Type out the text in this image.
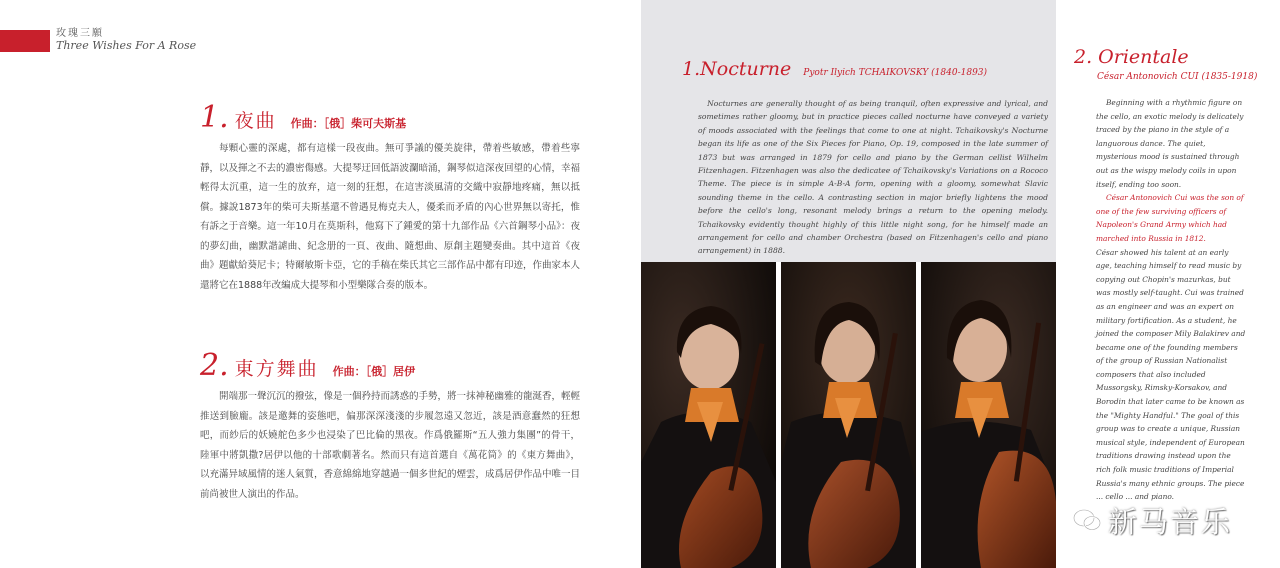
玫瑰三願
Three Wishes For A Rose
1. 夜曲 作曲：［俄］柴可夫斯基

每顆心靈的深處，都有這樣一段夜曲。無可爭議的優美旋律，帶着些敏感，帶着些寧靜，以及揮之不去的濃密傷感。大提琴迂回低語波瀾暗涌，鋼琴似這深夜回望的心情，幸福輕得太沉重，這一生的放弃，這一刻的狂想，在這害淡風清的交織中寂靜地疼痛，無以抵償。據說1873年的柴可夫斯基還不曾遇見梅克夫人，優柔而矛盾的內心世界無以寄托，惟有訴之于音樂。這一年10月在莫斯科，他寫下了鍾愛的第十九部作品《六首鋼琴小品》：夜的夢幻曲，幽默諧謔曲、紀念册的一頁、夜曲、隨想曲、原創主題變奏曲。其中這首《夜曲》題獻給葵尼卡；特爾敏斯卡亞，它的手稿在柴氏其它三部作品中都有印迹，作曲家本人還將它在1888年改編成大提琴和小型樂隊合奏的版本。

2. 東方舞曲 作曲：［俄］居伊

開端那一聲沉沉的撥弦，像是一個矜持而誘惑的手勢，將一抹神秘幽雅的龍涎香，輕輕推送到臉龐。該是邀舞的姿態吧，偏那深深淺淺的步履忽遠又忽近，該是酒意蠢然的狂想吧，而紗后的妖嬈舵色多少也浸染了巴比倫的黑夜。作爲俄羅斯“五人強力集團”的骨干，陸軍中將凱撒?居伊以他的十部歌劇著名。然而只有這首選自《萬花筒》的《東方舞曲》，以充滿异域風情的迷人氣質，香意綿綿地穿越過一個多世紀的煙雲，成爲居伊作品中唯一目前尚被世人演出的作品。

1.Nocturne Pyotr Ilyich TCHAIKOVSKY (1840-1893)

Nocturnes are generally thought of as being tranquil, often expressive and lyrical, and sometimes rather gloomy, but in practice pieces called nocturne have conveyed a variety of moods associated with the feelings that come to one at night. Tchaikovsky's Nocturne began its life as one of the Six Pieces for Piano, Op. 19, composed in the late summer of 1873 but was arranged in 1879 for cello and piano by the German cellist Wilhelm Fitzenhagen. Fitzenhagen was also the dedicatee of Tchaikovsky's Variations on a Rococo Theme. The piece is in simple A-B-A form, opening with a gloomy, somewhat Slavic sounding theme in the cello. A contrasting section in major briefly lightens the mood before the cello's long, resonant melody brings a return to the opening melody. Tchaikovsky evidently thought highly of this little night song, for he himself made an arrangement for cello and chamber Orchestra (based on Fitzenhagen's cello and piano arrangement) in 1888.

2. Orientale
César Antonovich CUI (1835-1918)

Beginning with a rhythmic figure on the cello, an exotic melody is delicately traced by the piano in the style of a languorous dance. The quiet, mysterious mood is sustained through out as the wispy melody coils in upon itself, ending too soon.

César Antonovich Cui was the son of one of the few surviving officers of Napoleon's Grand Army which had marched into Russia in 1812.

César showed his talent at an early age, teaching himself to read music by copying out Chopin's mazurkas, but was mostly self-taught. Cui was trained as an engineer and was an expert on military fortification. As a student, he joined the composer Mily Balakirev and became one of the founding members of the group of Russian Nationalist composers that also included Mussorgsky, Rimsky-Korsakov, and Borodin that later came to be known as the "Mighty Handful." The goal of this group was to create a unique, Russian musical style, independent of European traditions drawing instead upon the rich folk music traditions of Imperial Russia's many ethnic groups. The piece ... cello ... and piano.

新马音乐
